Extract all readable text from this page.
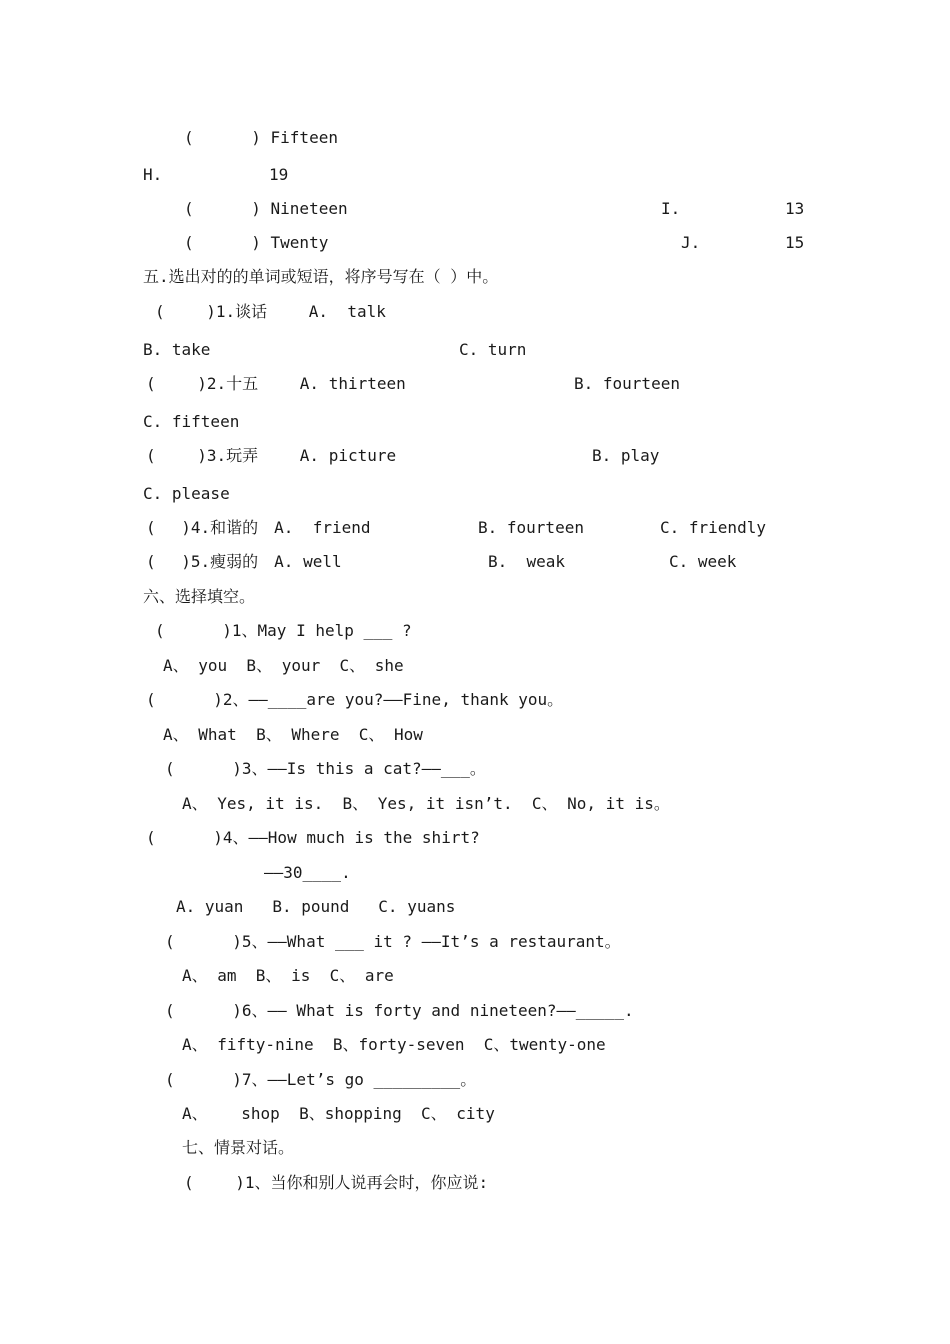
(　　　 ) Fifteen
H.	19
(　　　 ) Nineteen	I.	13
(　　　 ) Twenty	J.	15
五.选出对的的单词或短语，将序号写在（ ）中。
(　　 )1.谈话　　 A.  talk
B. take	C. turn
(　　 )2.十五　　 A. thirteen	B. fourteen
C. fifteen
(　　 )3.玩弄　　 A. picture	B. play
C. please
(　 )4.和谐的　A.  friend	B. fourteen	C. friendly
(　 )5.瘦弱的　A. well	B.  weak	C. week
六、选择填空。
(　　　 )1、May I help ___ ?
A、 you  B、 your  C、 she
(　　　 )2、——____are you?——Fine, thank you。
A、 What  B、 Where  C、 How
(　　　 )3、——Is this a cat?——___。
A、 Yes, it is.  B、 Yes, it isn’t.  C、 No, it is。
(　　　 )4、——How much is the shirt?
——30____.
A. yuan   B. pound   C. yuans
(　　　 )5、——What ___ it ? ——It’s a restaurant。
A、 am  B、 is  C、 are
(　　　 )6、—— What is forty and nineteen?——_____.
A、 fifty-nine  B、forty-seven  C、twenty-one
(　　　 )7、——Let’s go _________。
A、　　 shop  B、shopping  C、 city
七、情景对话。
(　　 )1、当你和别人说再会时，你应说:
